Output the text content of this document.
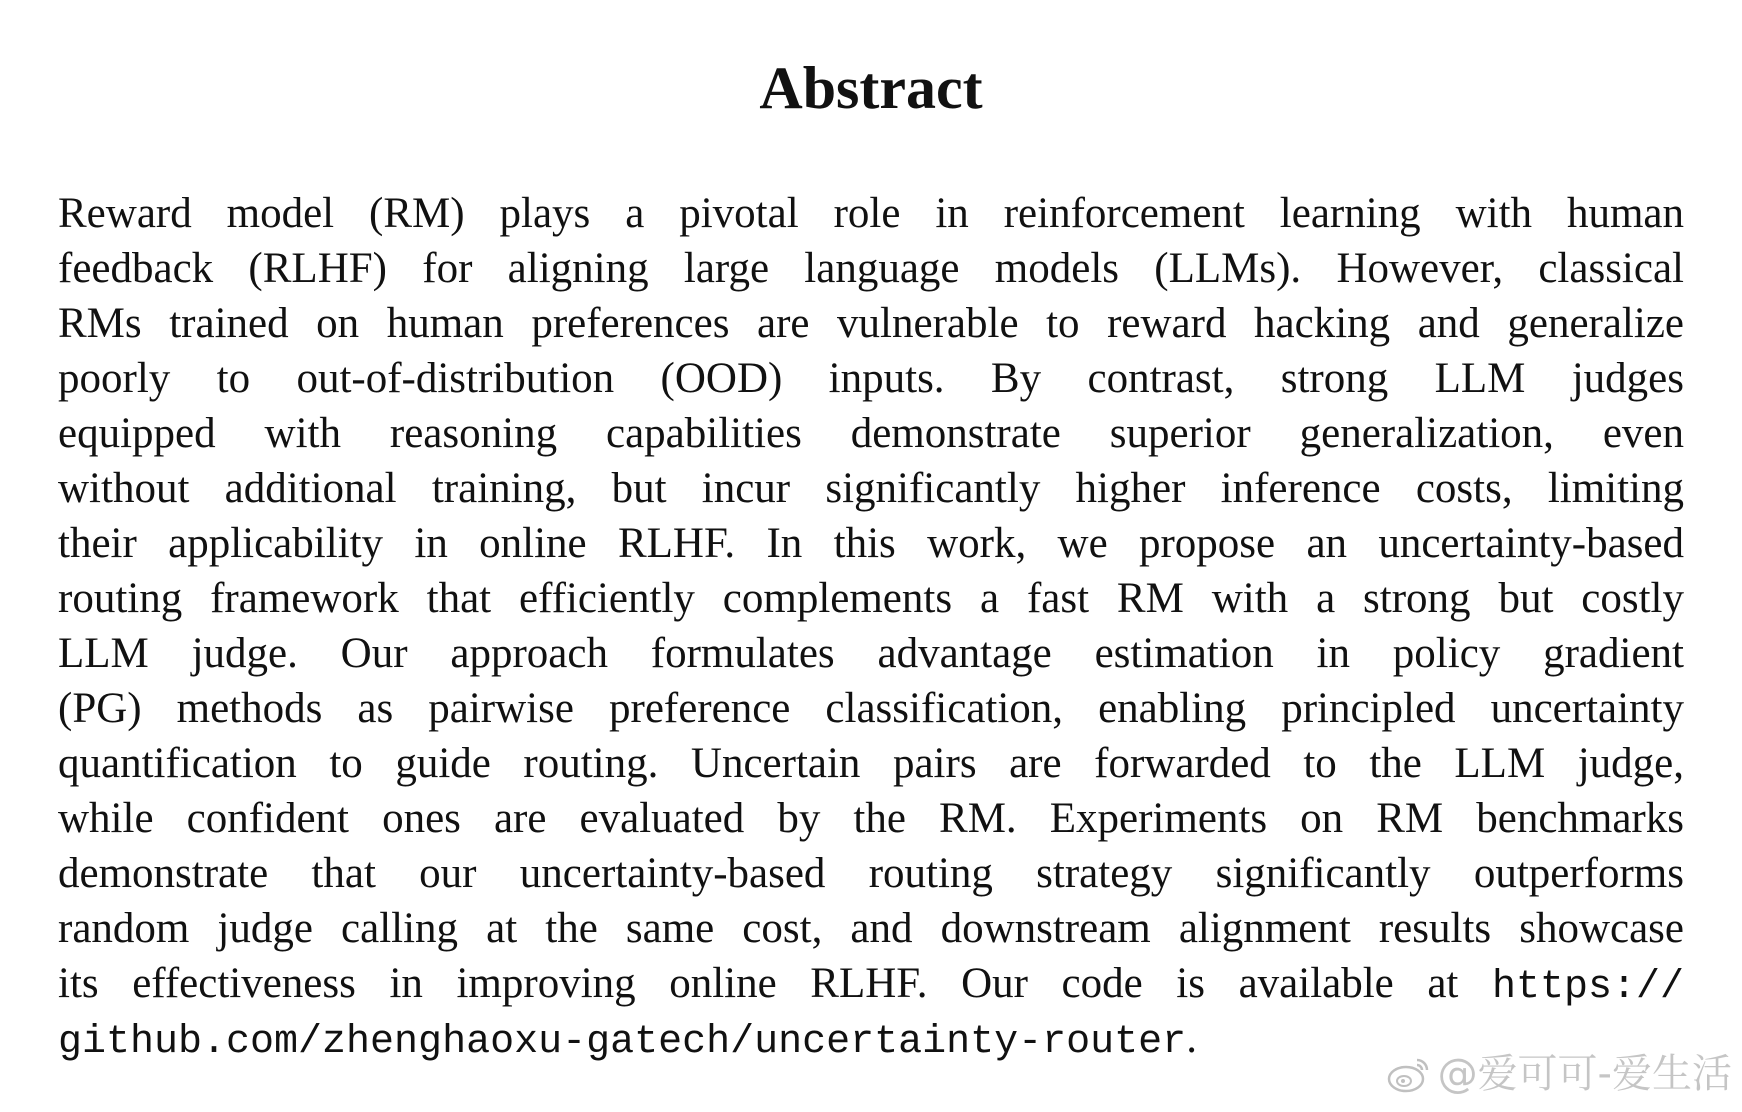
Abstract
Reward model (RM) plays a pivotal role in reinforcement learning with human
feedback (RLHF) for aligning large language models (LLMs). However, classical
RMs trained on human preferences are vulnerable to reward hacking and generalize
poorly to out-of-distribution (OOD) inputs. By contrast, strong LLM judges
equipped with reasoning capabilities demonstrate superior generalization, even
without additional training, but incur significantly higher inference costs, limiting
their applicability in online RLHF. In this work, we propose an uncertainty-based
routing framework that efficiently complements a fast RM with a strong but costly
LLM judge. Our approach formulates advantage estimation in policy gradient
(PG) methods as pairwise preference classification, enabling principled uncertainty
quantification to guide routing. Uncertain pairs are forwarded to the LLM judge,
while confident ones are evaluated by the RM. Experiments on RM benchmarks
demonstrate that our uncertainty-based routing strategy significantly outperforms
random judge calling at the same cost, and downstream alignment results showcase
its effectiveness in improving online RLHF. Our code is available at https://
github.com/zhenghaoxu-gatech/uncertainty-router.
@爱可可-爱生活
